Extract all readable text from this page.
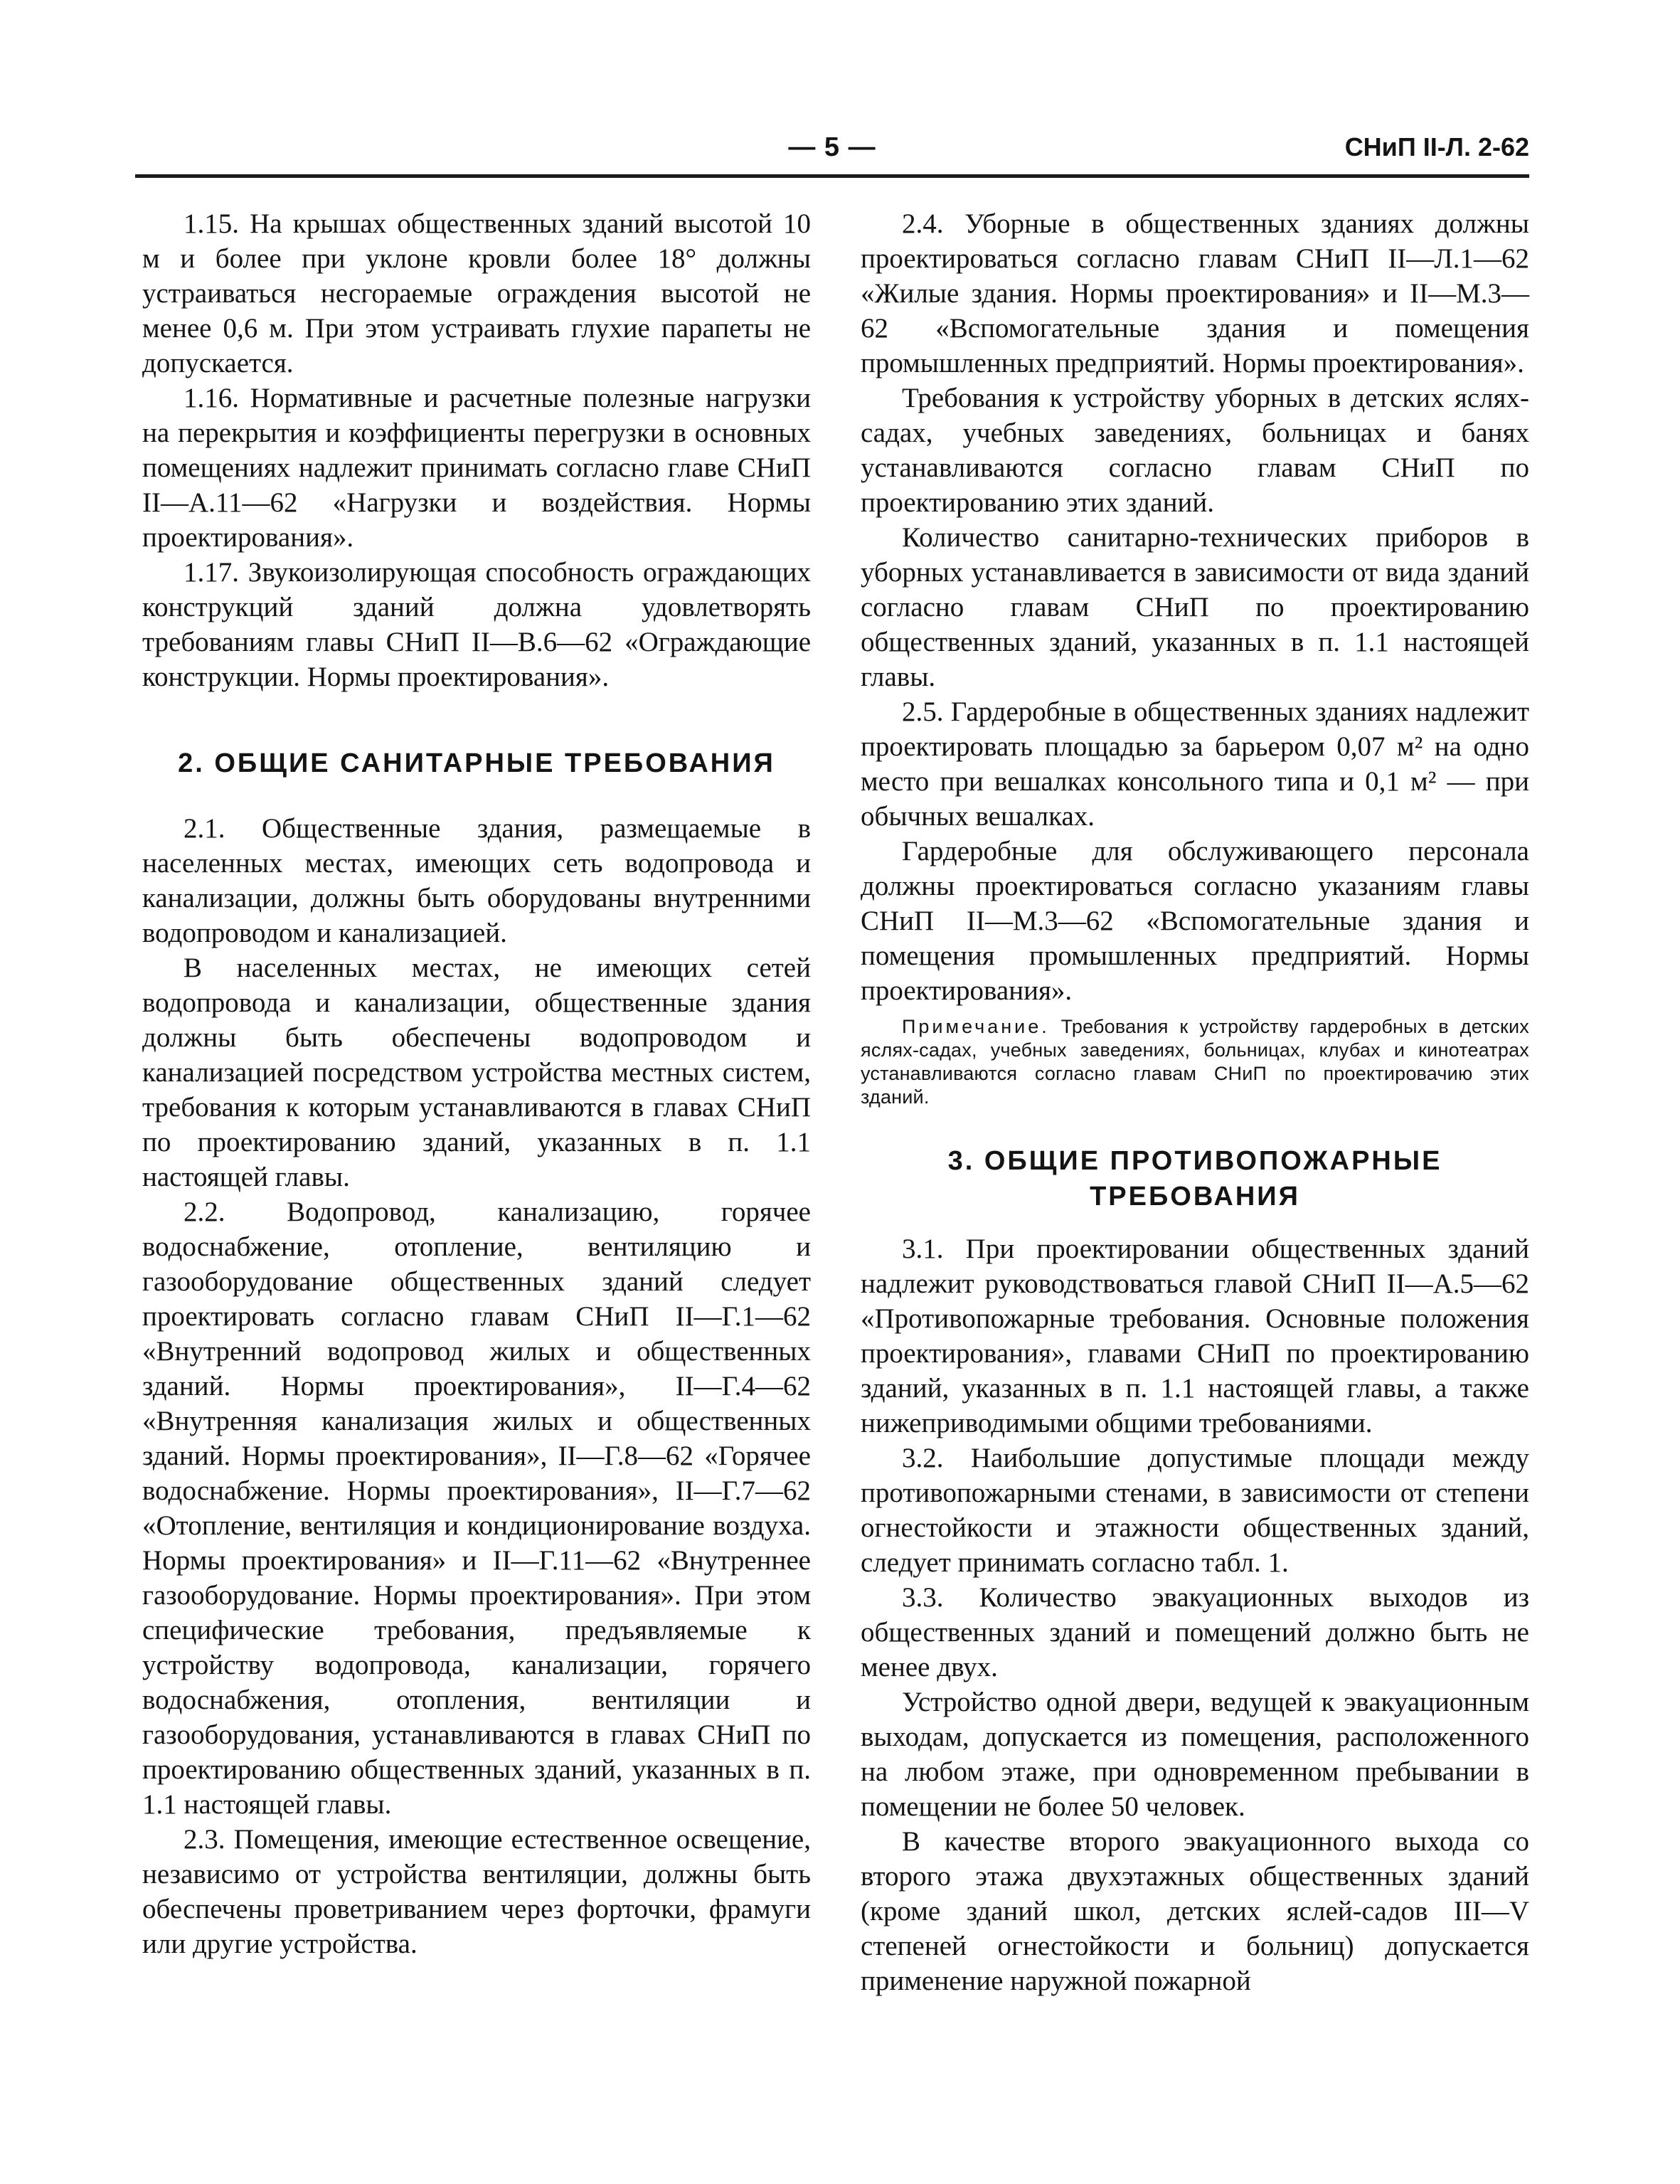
— 5 —	СНиП II-Л. 2-62

1.15. На крышах общественных зданий высотой 10 м и более при уклоне кровли более 18° должны устраиваться несгораемые ограждения высотой не менее 0,6 м. При этом устраивать глухие парапеты не допускается.

1.16. Нормативные и расчетные полезные нагрузки на перекрытия и коэффициенты перегрузки в основных помещениях надлежит принимать согласно главе СНиП II—А.11—62 «Нагрузки и воздействия. Нормы проектирования».

1.17. Звукоизолирующая способность ограждающих конструкций зданий должна удовлетворять требованиям главы СНиП II—В.6—62 «Ограждающие конструкции. Нормы проектирования».

2. ОБЩИЕ САНИТАРНЫЕ ТРЕБОВАНИЯ

2.1. Общественные здания, размещаемые в населенных местах, имеющих сеть водопровода и канализации, должны быть оборудованы внутренними водопроводом и канализацией.

В населенных местах, не имеющих сетей водопровода и канализации, общественные здания должны быть обеспечены водопроводом и канализацией посредством устройства местных систем, требования к которым устанавливаются в главах СНиП по проектированию зданий, указанных в п. 1.1 настоящей главы.

2.2. Водопровод, канализацию, горячее водоснабжение, отопление, вентиляцию и газооборудование общественных зданий следует проектировать согласно главам СНиП II—Г.1—62 «Внутренний водопровод жилых и общественных зданий. Нормы проектирования», II—Г.4—62 «Внутренняя канализация жилых и общественных зданий. Нормы проектирования», II—Г.8—62 «Горячее водоснабжение. Нормы проектирования», II—Г.7—62 «Отопление, вентиляция и кондиционирование воздуха. Нормы проектирования» и II—Г.11—62 «Внутреннее газооборудование. Нормы проектирования». При этом специфические требования, предъявляемые к устройству водопровода, канализации, горячего водоснабжения, отопления, вентиляции и газооборудования, устанавливаются в главах СНиП по проектированию общественных зданий, указанных в п. 1.1 настоящей главы.

2.3. Помещения, имеющие естественное освещение, независимо от устройства вентиляции, должны быть обеспечены проветриванием через форточки, фрамуги или другие устройства.

2.4. Уборные в общественных зданиях должны проектироваться согласно главам СНиП II—Л.1—62 «Жилые здания. Нормы проектирования» и II—М.3—62 «Вспомогательные здания и помещения промышленных предприятий. Нормы проектирования».

Требования к устройству уборных в детских яслях-садах, учебных заведениях, больницах и банях устанавливаются согласно главам СНиП по проектированию этих зданий.

Количество санитарно-технических приборов в уборных устанавливается в зависимости от вида зданий согласно главам СНиП по проектированию общественных зданий, указанных в п. 1.1 настоящей главы.

2.5. Гардеробные в общественных зданиях надлежит проектировать площадью за барьером 0,07 м² на одно место при вешалках консольного типа и 0,1 м² — при обычных вешалках.

Гардеробные для обслуживающего персонала должны проектироваться согласно указаниям главы СНиП II—М.3—62 «Вспомогательные здания и помещения промышленных предприятий. Нормы проектирования».

Примечание. Требования к устройству гардеробных в детских яслях-садах, учебных заведениях, больницах, клубах и кинотеатрах устанавливаются согласно главам СНиП по проектировачию этих зданий.

3. ОБЩИЕ ПРОТИВОПОЖАРНЫЕ
ТРЕБОВАНИЯ

3.1. При проектировании общественных зданий надлежит руководствоваться главой СНиП II—А.5—62 «Противопожарные требования. Основные положения проектирования», главами СНиП по проектированию зданий, указанных в п. 1.1 настоящей главы, а также нижеприводимыми общими требованиями.

3.2. Наибольшие допустимые площади между противопожарными стенами, в зависимости от степени огнестойкости и этажности общественных зданий, следует принимать согласно табл. 1.

3.3. Количество эвакуационных выходов из общественных зданий и помещений должно быть не менее двух.

Устройство одной двери, ведущей к эвакуационным выходам, допускается из помещения, расположенного на любом этаже, при одновременном пребывании в помещении не более 50 человек.

В качестве второго эвакуационного выхода со второго этажа двухэтажных общественных зданий (кроме зданий школ, детских яслей-садов III—V степеней огнестойкости и больниц) допускается применение наружной пожарной
